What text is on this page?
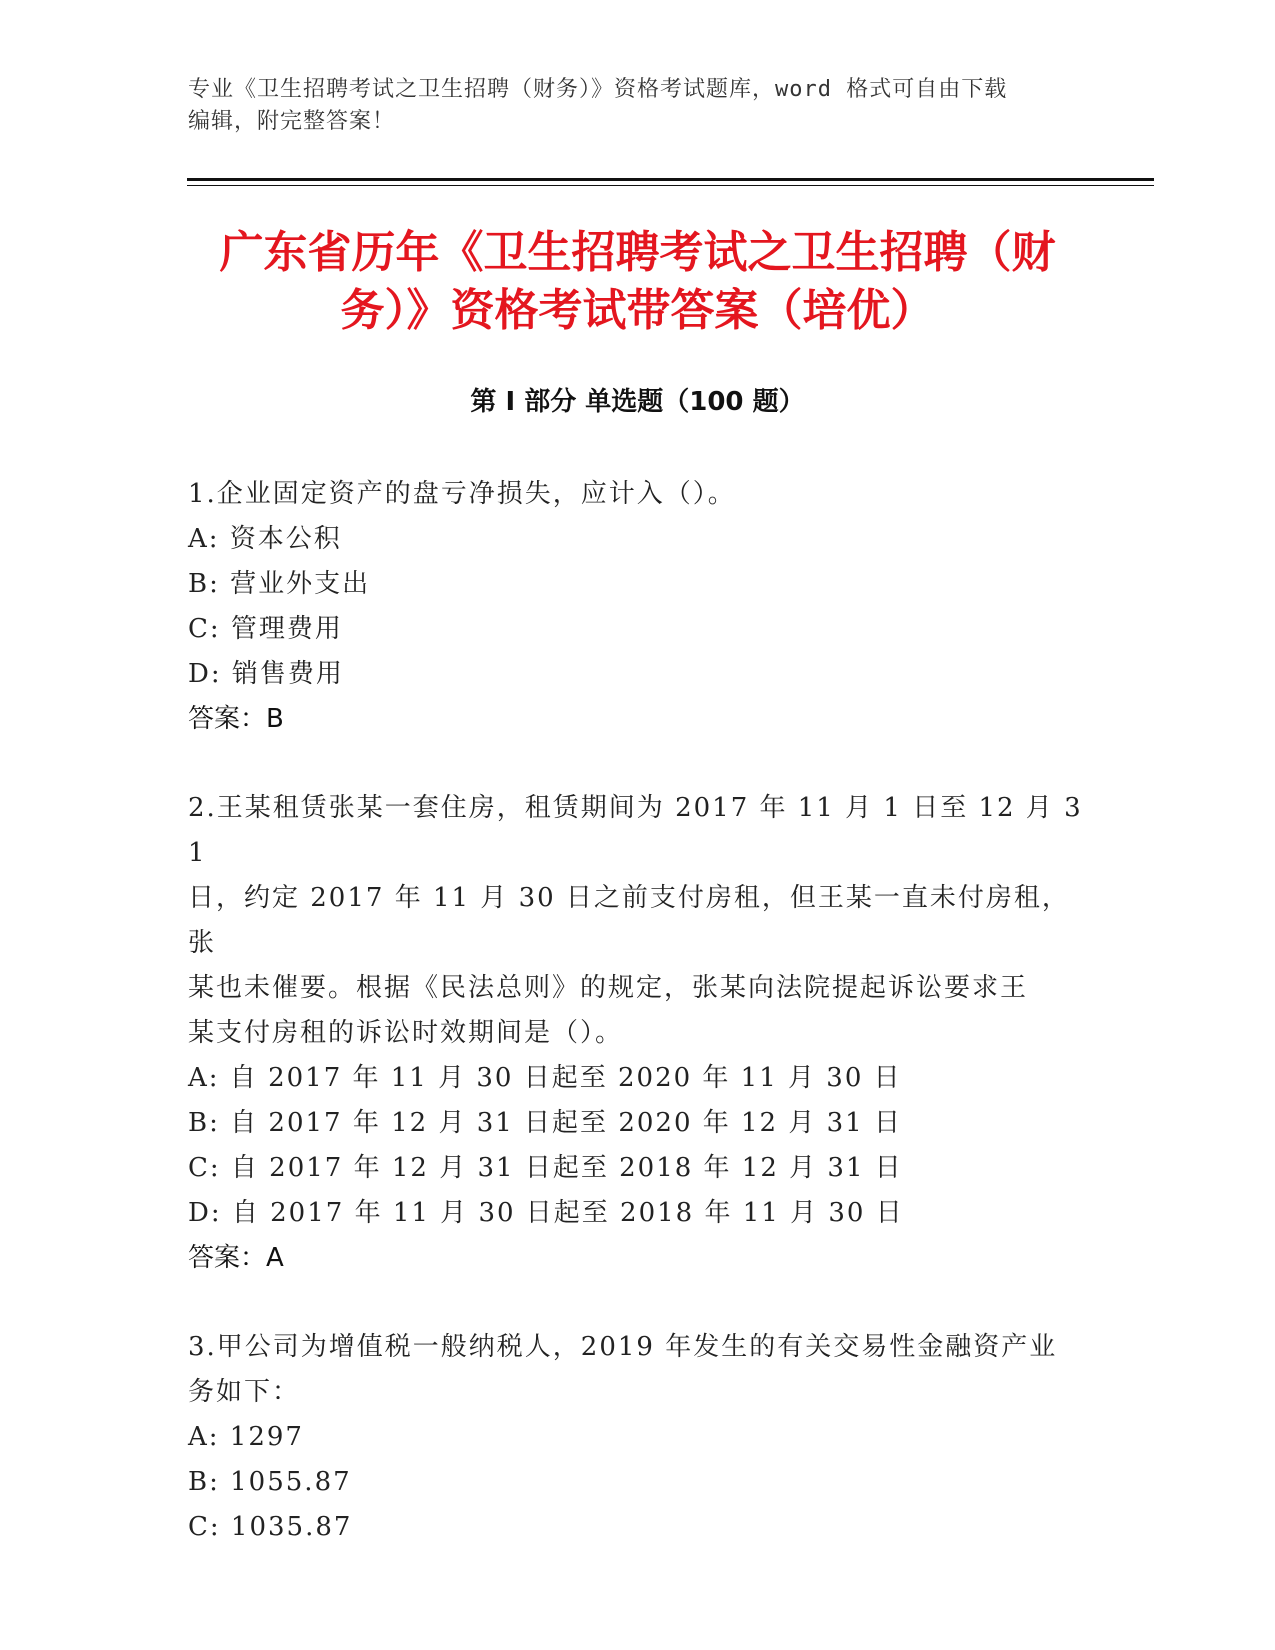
专业《卫生招聘考试之卫生招聘（财务）》资格考试题库，word 格式可自由下载
编辑，附完整答案！
广东省历年《卫生招聘考试之卫生招聘（财
务）》资格考试带答案（培优）
第 I 部分 单选题（100 题）
1.企业固定资产的盘亏净损失，应计入（）。
A: 资本公积
B: 营业外支出
C: 管理费用
D: 销售费用
答案：B
2.王某租赁张某一套住房，租赁期间为 2017 年 11 月 1 日至 12 月 31
日，约定 2017 年 11 月 30 日之前支付房租，但王某一直未付房租，张
某也未催要。根据《民法总则》的规定，张某向法院提起诉讼要求王
某支付房租的诉讼时效期间是（）。
A: 自 2017 年 11 月 30 日起至 2020 年 11 月 30 日
B: 自 2017 年 12 月 31 日起至 2020 年 12 月 31 日
C: 自 2017 年 12 月 31 日起至 2018 年 12 月 31 日
D: 自 2017 年 11 月 30 日起至 2018 年 11 月 30 日
答案：A
3.甲公司为增值税一般纳税人，2019 年发生的有关交易性金融资产业
务如下：
A: 1297
B: 1055.87
C: 1035.87
